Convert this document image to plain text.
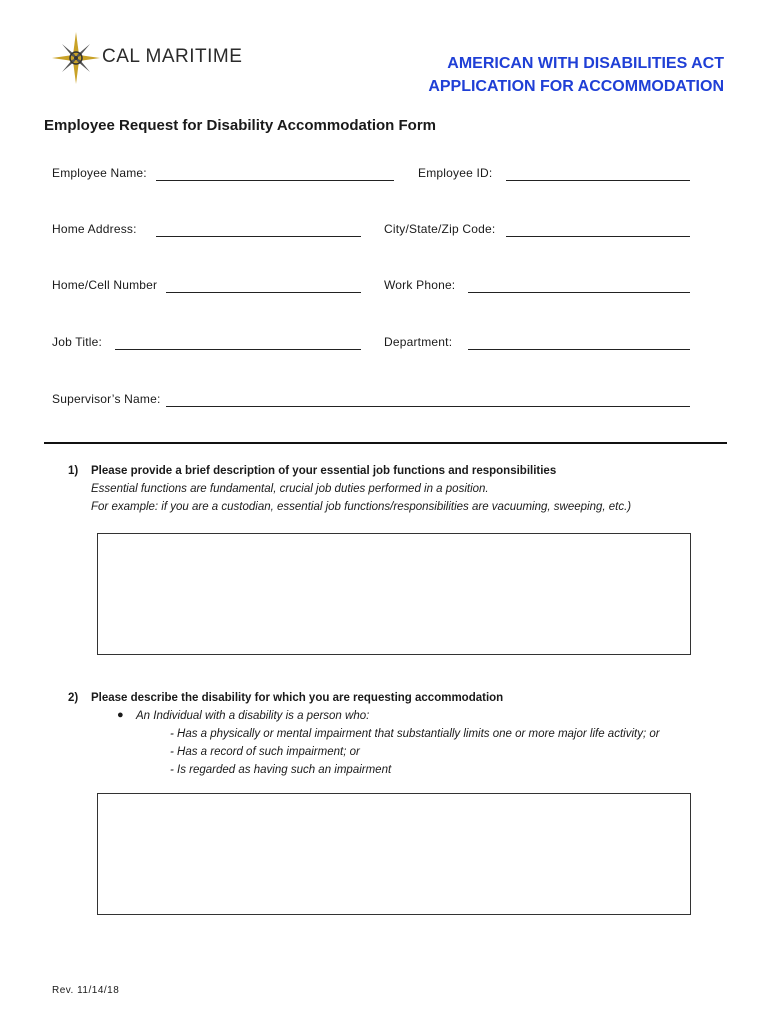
CAL MARITIME	AMERICAN WITH DISABILITIES ACT
APPLICATION FOR ACCOMMODATION
Employee Request for Disability Accommodation Form
Employee Name:	Employee ID:
Home Address:	City/State/Zip Code:
Home/Cell Number	Work Phone:
Job Title:	Department:
Supervisor’s Name:
1) Please provide a brief description of your essential job functions and responsibilities
Essential functions are fundamental, crucial job duties performed in a position.
For example: if you are a custodian, essential job functions/responsibilities are vacuuming, sweeping, etc.)
2) Please describe the disability for which you are requesting accommodation
● An Individual with a disability is a person who:
- Has a physically or mental impairment that substantially limits one or more major life activity; or
- Has a record of such impairment; or
- Is regarded as having such an impairment
Rev. 11/14/18
